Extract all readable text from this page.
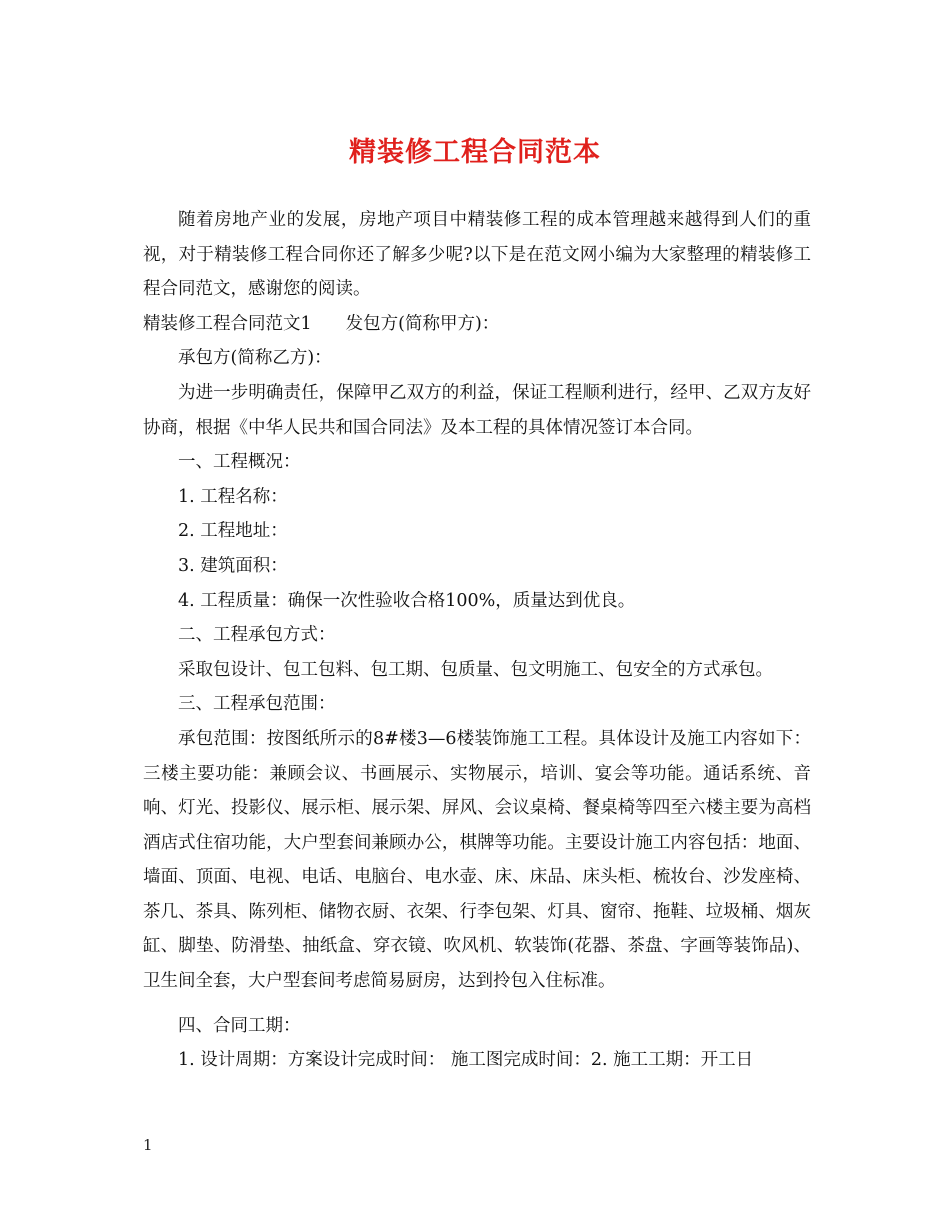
精装修工程合同范本

随着房地产业的发展，房地产项目中精装修工程的成本管理越来越得到人们的重视，对于精装修工程合同你还了解多少呢?以下是在范文网小编为大家整理的精装修工程合同范文，感谢您的阅读。

精装修工程合同范文1 发包方(简称甲方)：

承包方(简称乙方)：

为进一步明确责任，保障甲乙双方的利益，保证工程顺利进行，经甲、乙双方友好协商，根据《中华人民共和国合同法》及本工程的具体情况签订本合同。

一、工程概况：

1. 工程名称：

2. 工程地址：

3. 建筑面积：

4. 工程质量：确保一次性验收合格100%，质量达到优良。

二、工程承包方式：

采取包设计、包工包料、包工期、包质量、包文明施工、包安全的方式承包。

三、工程承包范围：

承包范围：按图纸所示的8#楼3—6楼装饰施工工程。具体设计及施工内容如下：三楼主要功能：兼顾会议、书画展示、实物展示，培训、宴会等功能。通话系统、音响、灯光、投影仪、展示柜、展示架、屏风、会议桌椅、餐桌椅等四至六楼主要为高档酒店式住宿功能，大户型套间兼顾办公，棋牌等功能。主要设计施工内容包括：地面、墙面、顶面、电视、电话、电脑台、电水壶、床、床品、床头柜、梳妆台、沙发座椅、茶几、茶具、陈列柜、储物衣厨、衣架、行李包架、灯具、窗帘、拖鞋、垃圾桶、烟灰缸、脚垫、防滑垫、抽纸盒、穿衣镜、吹风机、软装饰(花器、茶盘、字画等装饰品)、卫生间全套，大户型套间考虑简易厨房，达到拎包入住标准。

四、合同工期：

1. 设计周期：方案设计完成时间： 施工图完成时间：2. 施工工期：开工日

1
